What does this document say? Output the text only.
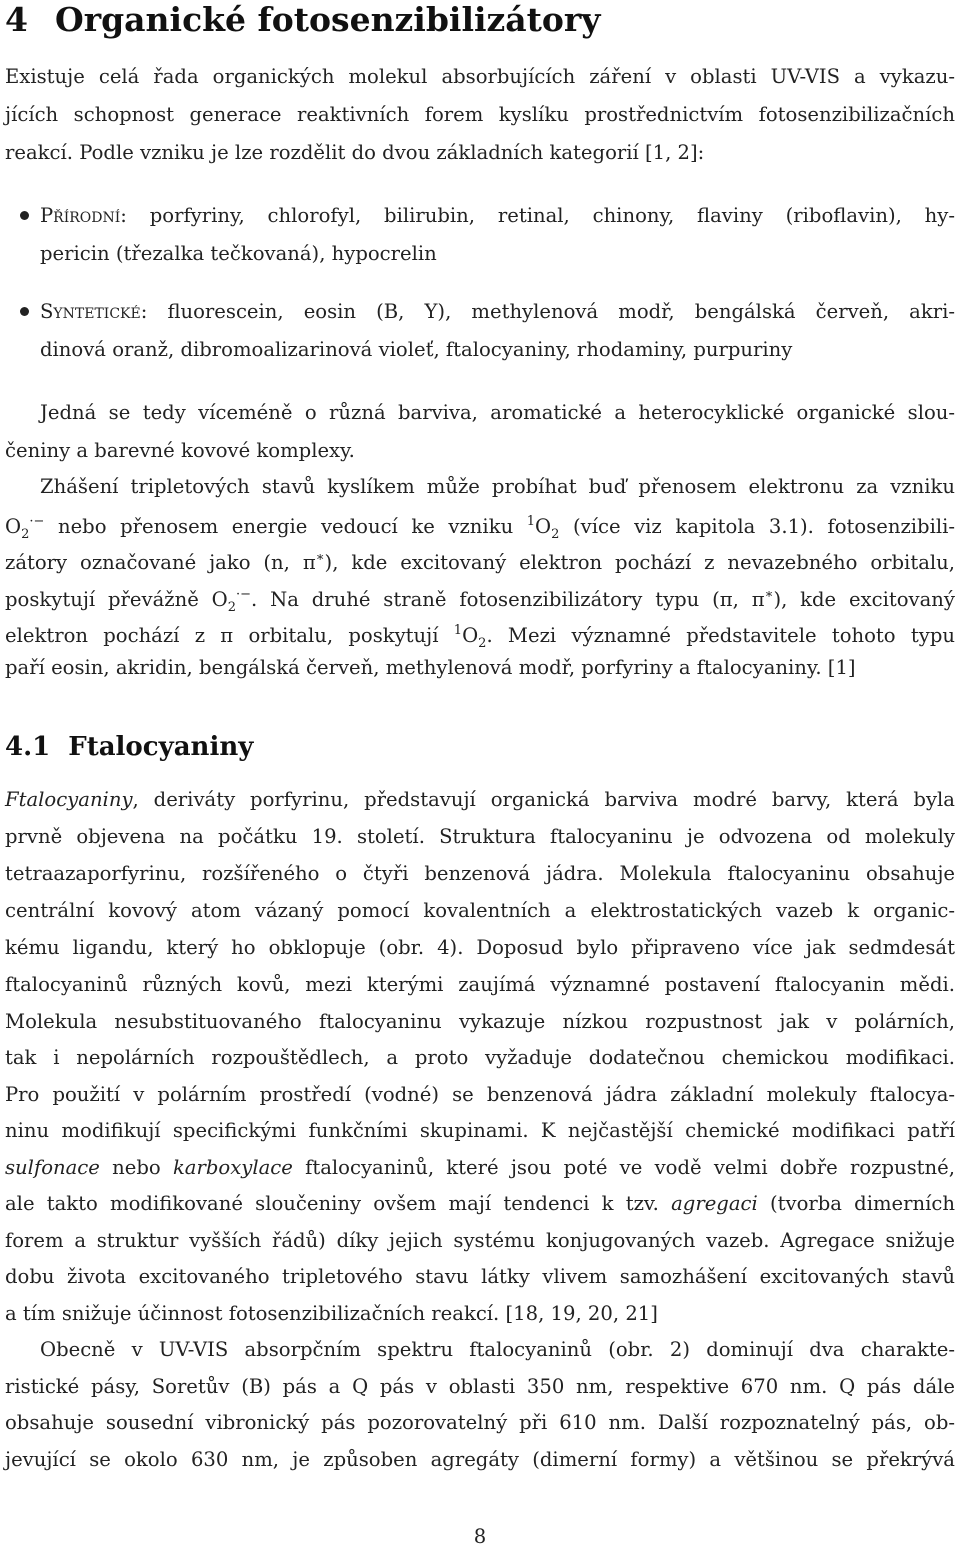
4 Organické fotosenzibilizátory
Existuje celá řada organických molekul absorbujících záření v oblasti UV-VIS a vykazu-
jících schopnost generace reaktivních forem kyslíku prostřednictvím fotosenzibilizačních
reakcí. Podle vzniku je lze rozdělit do dvou základních kategorií [1, 2]:
Přírodní: porfyriny, chlorofyl, bilirubin, retinal, chinony, flaviny (riboflavin), hy-
pericin (třezalka tečkovaná), hypocrelin
Syntetické: fluorescein, eosin (B, Y), methylenová modř, bengálská červeň, akri-
dinová oranž, dibromoalizarinová violeť, ftalocyaniny, rhodaminy, purpuriny
Jedná se tedy víceméně o různá barviva, aromatické a heterocyklické organické slou-
čeniny a barevné kovové komplexy.
Zhášení tripletových stavů kyslíkem může probíhat buď přenosem elektronu za vzniku
$O_2^{\cdot-}$ nebo přenosem energie vedoucí ke vzniku $^1O_2$ (více viz kapitola 3.1). fotosenzibili-
zátory označované jako (n, π∗), kde excitovaný elektron pochází z nevazebného orbitalu,
poskytují převážně $O_2^{\cdot-}$. Na druhé straně fotosenzibilizátory typu (π, π∗), kde excitovaný
elektron pochází z π orbitalu, poskytují $^1O_2$. Mezi významné představitele tohoto typu
paří eosin, akridin, bengálská červeň, methylenová modř, porfyriny a ftalocyaniny. [1]
4.1 Ftalocyaniny
Ftalocyaniny, deriváty porfyrinu, představují organická barviva modré barvy, která byla
prvně objevena na počátku 19. století. Struktura ftalocyaninu je odvozena od molekuly
tetraazaporfyrinu, rozšířeného o čtyři benzenová jádra. Molekula ftalocyaninu obsahuje
centrální kovový atom vázaný pomocí kovalentních a elektrostatických vazeb k organic-
kému ligandu, který ho obklopuje (obr. 4). Doposud bylo připraveno více jak sedmdesát
ftalocyaninů různých kovů, mezi kterými zaujímá významné postavení ftalocyanin mědi.
Molekula nesubstituovaného ftalocyaninu vykazuje nízkou rozpustnost jak v polárních,
tak i nepolárních rozpouštědlech, a proto vyžaduje dodatečnou chemickou modifikaci.
Pro použití v polárním prostředí (vodné) se benzenová jádra základní molekuly ftalocya-
ninu modifikují specifickými funkčními skupinami. K nejčastější chemické modifikaci patří
sulfonace nebo karboxylace ftalocyaninů, které jsou poté ve vodě velmi dobře rozpustné,
ale takto modifikované sloučeniny ovšem mají tendenci k tzv. agregaci (tvorba dimerních
forem a struktur vyšších řádů) díky jejich systému konjugovaných vazeb. Agregace snižuje
dobu života excitovaného tripletového stavu látky vlivem samozhášení excitovaných stavů
a tím snižuje účinnost fotosenzibilizačních reakcí. [18, 19, 20, 21]
Obecně v UV-VIS absorpčním spektru ftalocyaninů (obr. 2) dominují dva charakte-
ristické pásy, Soretův (B) pás a Q pás v oblasti 350 nm, respektive 670 nm. Q pás dále
obsahuje sousední vibronický pás pozorovatelný při 610 nm. Další rozpoznatelný pás, ob-
jevující se okolo 630 nm, je způsoben agregáty (dimerní formy) a většinou se překrývá
8
